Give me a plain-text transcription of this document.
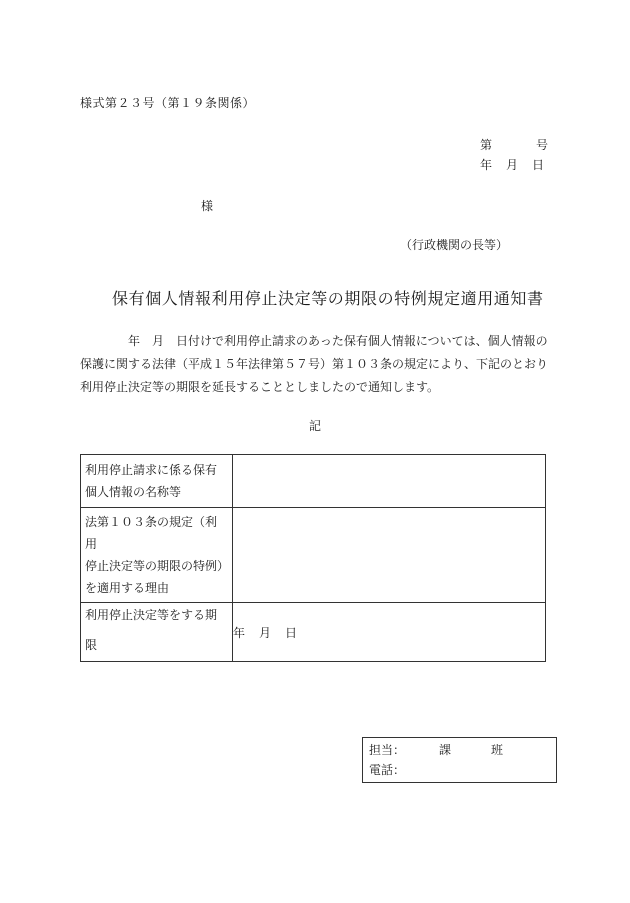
様式第２３号（第１９条関係）
第	号
年 月 日
様
（行政機関の長等）
保有個人情報利用停止決定等の期限の特例規定適用通知書

　　　　年　月　日付けで利用停止請求のあった保有個人情報については、個人情報の

保護に関する法律（平成１５年法律第５７号）第１０３条の規定により、下記のとおり

利用停止決定等の期限を延長することとしましたので通知します。

記
利用停止請求に係る保有
個人情報の名称等	

法第１０３条の規定（利用
停止決定等の期限の特例）
を適用する理由	

利用停止決定等をする期
限	年 月 日
担当：	課	班
電話：
